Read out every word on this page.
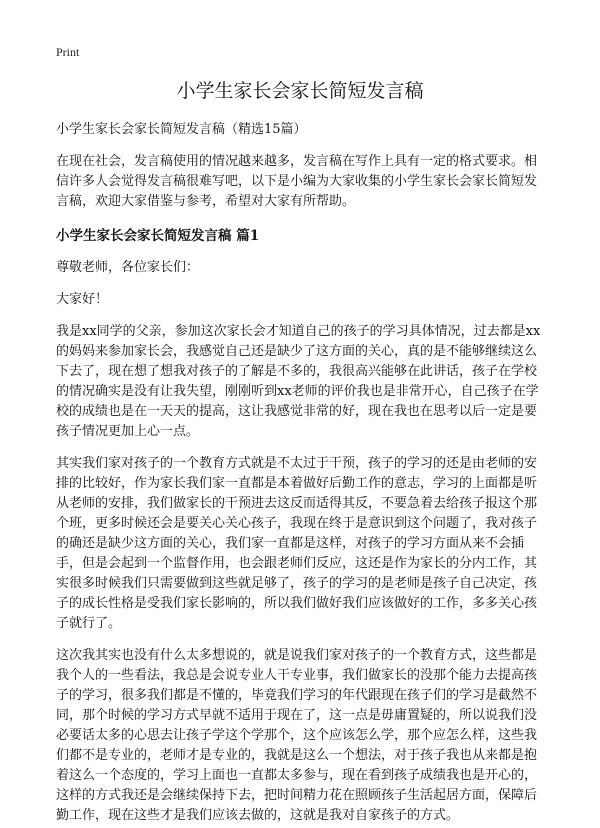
Print
小学生家长会家长简短发言稿

小学生家长会家长简短发言稿（精选15篇）

在现在社会，发言稿使用的情况越来越多，发言稿在写作上具有一定的格式要求。相信许多人会觉得发言稿很难写吧，以下是小编为大家收集的小学生家长会家长简短发言稿，欢迎大家借鉴与参考，希望对大家有所帮助。

小学生家长会家长简短发言稿 篇1

尊敬老师，各位家长们：

大家好！

我是xx同学的父亲，参加这次家长会才知道自己的孩子的学习具体情况，过去都是xx的妈妈来参加家长会，我感觉自己还是缺少了这方面的关心，真的是不能够继续这么下去了，现在想了想我对孩子的了解是不多的，我很高兴能够在此讲话，孩子在学校的情况确实是没有让我失望，刚刚听到xx老师的评价我也是非常开心，自己孩子在学校的成绩也是在一天天的提高，这让我感觉非常的好，现在我也在思考以后一定是要孩子情况更加上心一点。

其实我们家对孩子的一个教育方式就是不太过于干预，孩子的学习的还是由老师的安排的比较好，作为家长我们家一直都是本着做好后勤工作的意志，学习的上面都是听从老师的安排，我们做家长的干预进去这反而适得其反，不要急着去给孩子报这个那个班，更多时候还会是要关心关心孩子，我现在终于是意识到这个问题了，我对孩子的确还是缺少这方面的关心，我们家一直都是这样，对孩子的学习方面从来不会插手，但是会起到一个监督作用，也会跟老师们反应，这还是作为家长的分内工作，其实很多时候我们只需要做到这些就足够了，孩子的学习的是老师是孩子自己决定，孩子的成长性格是受我们家长影响的，所以我们做好我们应该做好的工作，多多关心孩子就行了。

这次我其实也没有什么太多想说的，就是说我们家对孩子的一个教育方式，这些都是我个人的一些看法，我总是会说专业人干专业事，我们做家长的没那个能力去提高孩子的学习，很多我们都是不懂的，毕竟我们学习的年代跟现在孩子们的学习是截然不同，那个时候的学习方式早就不适用于现在了，这一点是毋庸置疑的，所以说我们没必要话太多的心思去让孩子学这个学那个，这个应该怎么学，那个应怎么样，这些我们都不是专业的，老师才是专业的，我就是这么一个想法，对于孩子我也从来都是抱着这么一个态度的，学习上面也一直都太多参与，现在看到孩子成绩我也是开心的，这样的方式我还是会继续保持下去，把时间精力花在照顾孩子生活起居方面，保障后勤工作，现在这些才是我们应该去做的，这就是我对自家孩子的方式。
